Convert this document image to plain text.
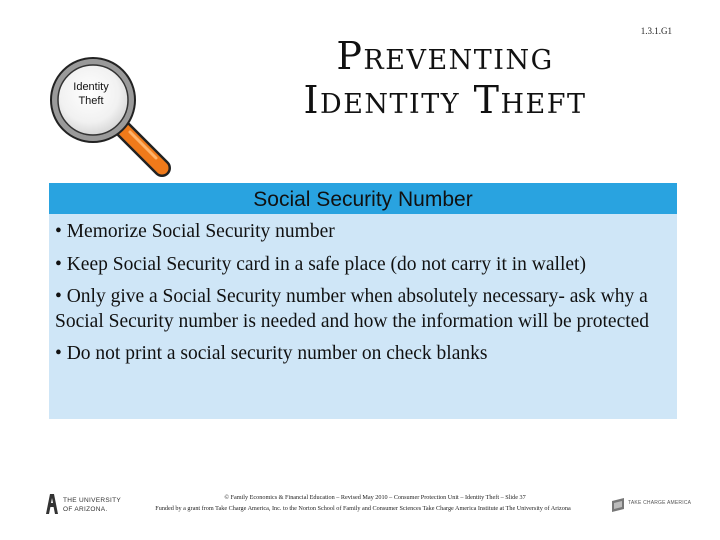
1.3.1.G1
Preventing
Identity Theft
Identity
Theft
Social Security Number
• Memorize Social Security number
• Keep Social Security card in a safe place (do not carry it in wallet)
• Only give a Social Security number when absolutely necessary- ask why a Social Security number is needed and how the information will be protected
• Do not print a social security number on check blanks
THE UNIVERSITY
OF ARIZONA.
© Family Economics & Financial Education – Revised May 2010 – Consumer Protection Unit – Identity Theft – Slide 37
Funded by a grant from Take Charge America, Inc. to the Norton School of Family and Consumer Sciences Take Charge America Institute at The University of Arizona
TAKE CHARGE AMERICA
